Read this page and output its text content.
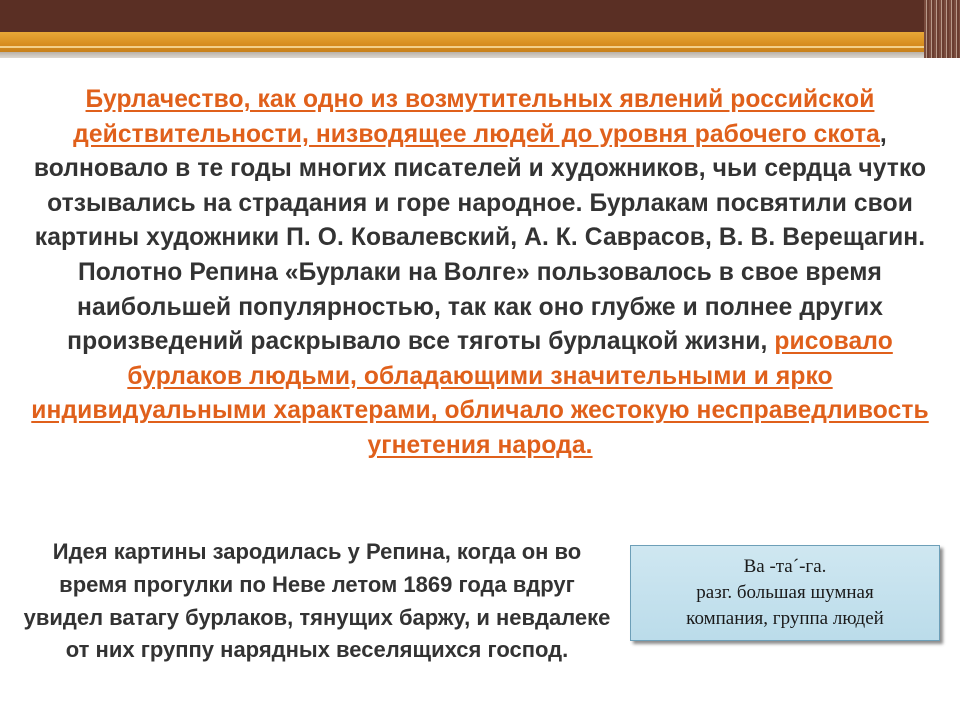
Бурлачество, как одно из возмутительных явлений российской действительности, низводящее людей до уровня рабочего скота, волновало в те годы многих писателей и художников, чьи сердца чутко отзывались на страдания и горе народное. Бурлакам посвятили свои картины художники П. О. Ковалевский, А. К. Саврасов, В. В. Верещагин. Полотно Репина «Бурлаки на Волге» пользовалось в свое время наибольшей популярностью, так как оно глубже и полнее других произведений раскрывало все тяготы бурлацкой жизни, рисовало бурлаков людьми, обладающими значительными и ярко индивидуальными характерами, обличало жестокую несправедливость угнетения народа.

Идея картины зародилась у Репина, когда он во время прогулки по Неве летом 1869 года вдруг увидел ватагу бурлаков, тянущих баржу, и невдалеке от них группу нарядных веселящихся господ.

Ва -та´-га.
разг. большая шумная
компания, группа людей
